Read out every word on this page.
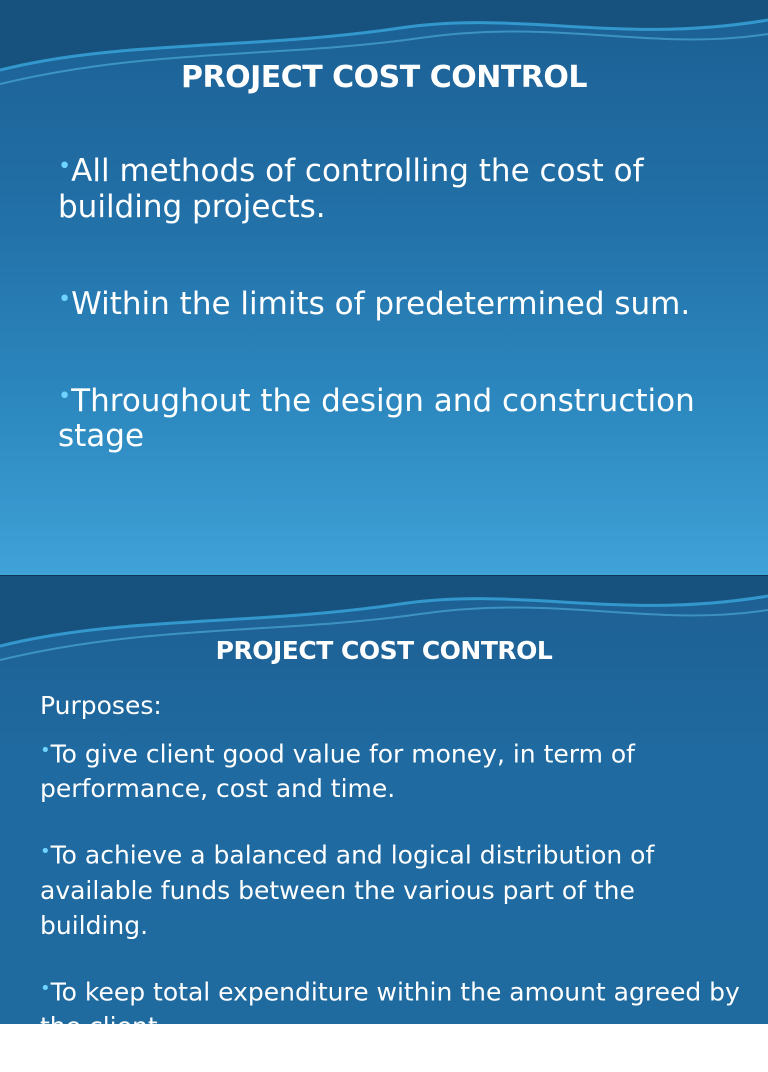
PROJECT COST CONTROL
•All methods of controlling the cost of building projects.
•Within the limits of predetermined sum.
•Throughout the design and construction stage
PROJECT COST CONTROL
Purposes:
•To give client good value for money, in term of performance, cost and time.
•To achieve a balanced and logical distribution of available funds between the various part of the building.
•To keep total expenditure within the amount agreed by the client.
